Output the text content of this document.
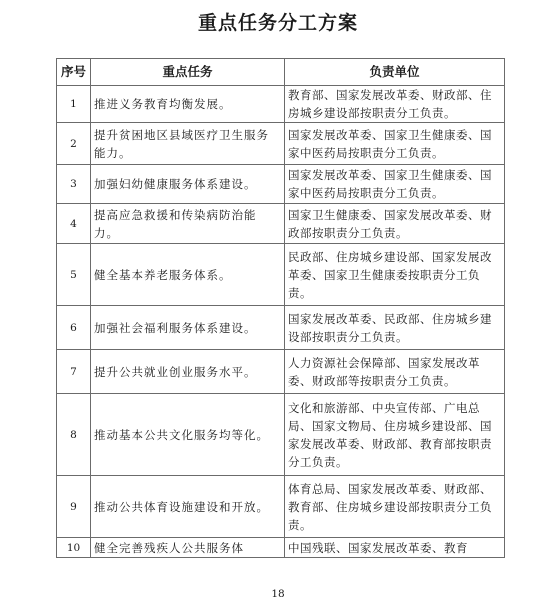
重点任务分工方案
序号	重点任务	负责单位
1	推进义务教育均衡发展。	教育部、国家发展改革委、财政部、住房城乡建设部按职责分工负责。
2	提升贫困地区县域医疗卫生服务能力。	国家发展改革委、国家卫生健康委、国家中医药局按职责分工负责。
3	加强妇幼健康服务体系建设。	国家发展改革委、国家卫生健康委、国家中医药局按职责分工负责。
4	提高应急救援和传染病防治能力。	国家卫生健康委、国家发展改革委、财政部按职责分工负责。
5	健全基本养老服务体系。	民政部、住房城乡建设部、国家发展改革委、国家卫生健康委按职责分工负责。
6	加强社会福利服务体系建设。	国家发展改革委、民政部、住房城乡建设部按职责分工负责。
7	提升公共就业创业服务水平。	人力资源社会保障部、国家发展改革委、财政部等按职责分工负责。
8	推动基本公共文化服务均等化。	文化和旅游部、中央宣传部、广电总局、国家文物局、住房城乡建设部、国家发展改革委、财政部、教育部按职责分工负责。
9	推动公共体育设施建设和开放。	体育总局、国家发展改革委、财政部、教育部、住房城乡建设部按职责分工负责。
10	健全完善残疾人公共服务体	中国残联、国家发展改革委、教育
18
